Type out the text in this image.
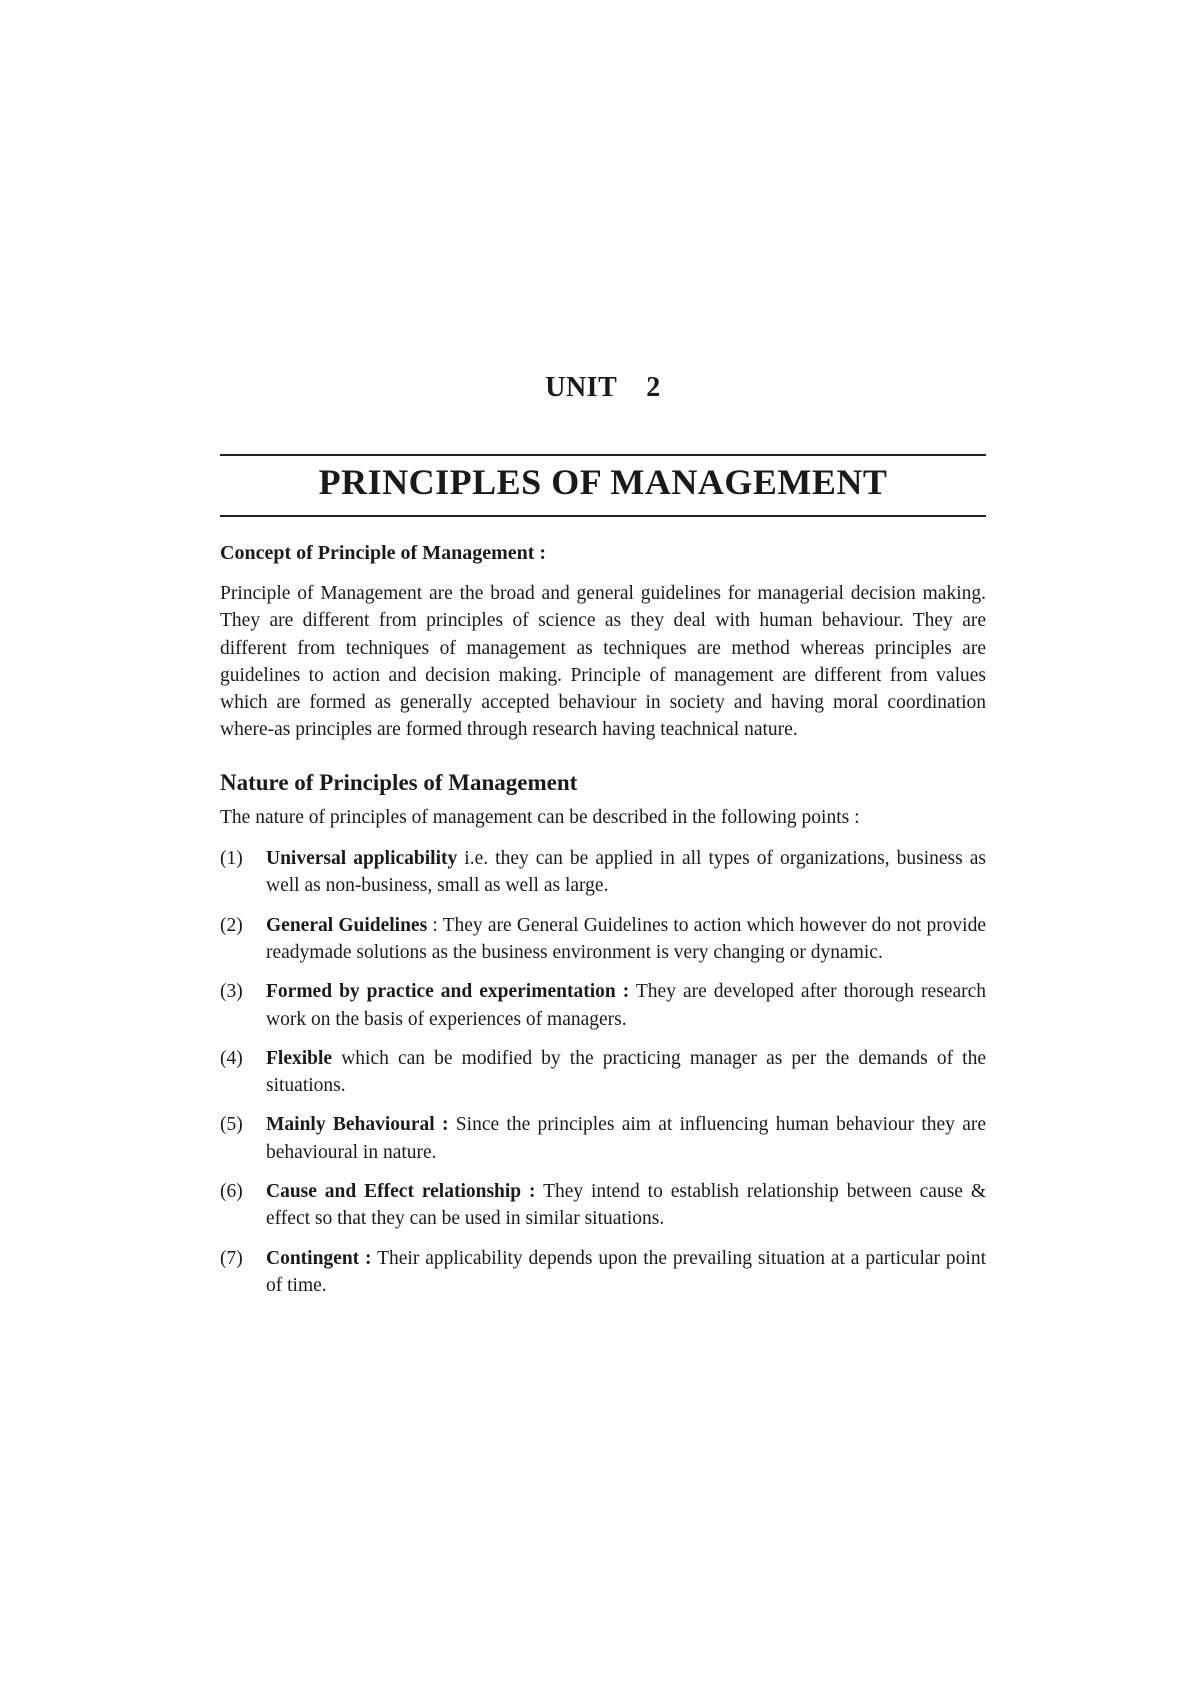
UNIT 2
PRINCIPLES OF MANAGEMENT
Concept of Principle of Management :

Principle of Management are the broad and general guidelines for managerial decision making. They are different from principles of science as they deal with human behaviour. They are different from techniques of management as techniques are method whereas principles are guidelines to action and decision making. Principle of management are different from values which are formed as generally accepted behaviour in society and having moral coordination where-as principles are formed through research having teachnical nature.

Nature of Principles of Management

The nature of principles of management can be described in the following points :

(1) Universal applicability i.e. they can be applied in all types of organizations, business as well as non-business, small as well as large.
(2) General Guidelines : They are General Guidelines to action which however do not provide readymade solutions as the business environment is very changing or dynamic.
(3) Formed by practice and experimentation : They are developed after thorough research work on the basis of experiences of managers.
(4) Flexible which can be modified by the practicing manager as per the demands of the situations.
(5) Mainly Behavioural : Since the principles aim at influencing human behaviour they are behavioural in nature.
(6) Cause and Effect relationship : They intend to establish relationship between cause & effect so that they can be used in similar situations.
(7) Contingent : Their applicability depends upon the prevailing situation at a particular point of time.
